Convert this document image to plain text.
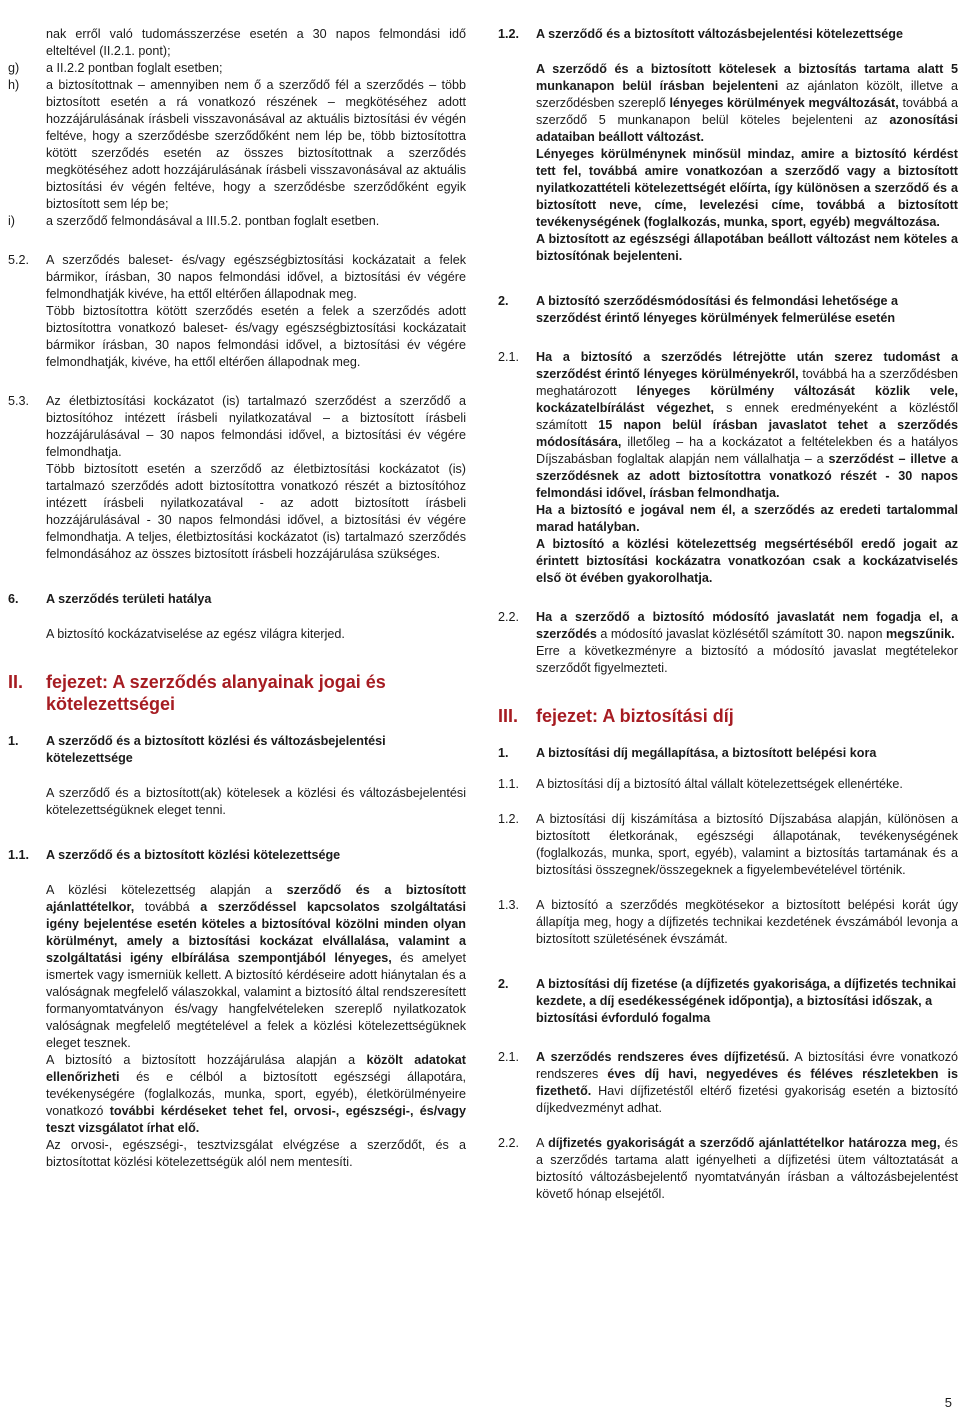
nak erről való tudomásszerzése esetén a 30 napos felmondási idő elteltével (II.2.1. pont);
g)	a II.2.2 pontban foglalt esetben;
h)	a biztosítottnak – amennyiben nem ő a szerződő fél a szerződés – több biztosított esetén a rá vonatkozó részének – megkötéséhez adott hozzájárulásának írásbeli visszavonásával az aktuális biztosítási év végén feltéve, hogy a szerződésbe szerződőként nem lép be, több biztosítottra kötött szerződés esetén az összes biztosítottnak a szerződés megkötéséhez adott hozzájárulásának írásbeli visszavonásával az aktuális biztosítási év végén feltéve, hogy a szerződésbe szerződőként egyik biztosított sem lép be;
i)	a szerződő felmondásával a III.5.2. pontban foglalt esetben.
5.2.	A szerződés baleset- és/vagy egészségbiztosítási kockázatait a felek bármikor, írásban, 30 napos felmondási idővel, a biztosítási év végére felmondhatják kivéve, ha ettől eltérően állapodnak meg.

Több biztosítottra kötött szerződés esetén a felek a szerződés adott biztosítottra vonatkozó baleset- és/vagy egészségbiztosítási kockázatait bármikor írásban, 30 napos felmondási idővel, a biztosítási év végére felmondhatják, kivéve, ha ettől eltérően állapodnak meg.

5.3.	Az életbiztosítási kockázatot (is) tartalmazó szerződést a szerződő a biztosítóhoz intézett írásbeli nyilatkozatával – a biztosított írásbeli hozzájárulásával – 30 napos felmondási idővel, a biztosítási év végére felmondhatja.

Több biztosított esetén a szerződő az életbiztosítási kockázatot (is) tartalmazó szerződés adott biztosítottra vonatkozó részét a biztosítóhoz intézett írásbeli nyilatkozatával - az adott biztosított írásbeli hozzájárulásával - 30 napos felmondási idővel, a biztosítási év végére felmondhatja. A teljes, életbiztosítási kockázatot (is) tartalmazó szerződés felmondásához az összes biztosított írásbeli hozzájárulása szükséges.

6.	A szerződés területi hatálya
A biztosító kockázatviselése az egész világra kiterjed.
II.	fejezet: A szerződés alanyainak jogai és kötelezettségei
1.	A szerződő és a biztosított közlési és változásbejelentési kötelezettsége
A szerződő és a biztosított(ak) kötelesek a közlési és változásbejelentési kötelezettségüknek eleget tenni.
1.1.	A szerződő és a biztosított közlési kötelezettsége

A közlési kötelezettség alapján a szerződő és a biztosított ajánlattételkor, továbbá a szerződéssel kapcsolatos szolgáltatási igény bejelentése esetén köteles a biztosítóval közölni minden olyan körülményt, amely a biztosítási kockázat elvállalása, valamint a szolgáltatási igény elbírálása szempontjából lényeges, és amelyet ismertek vagy ismerniük kellett. A biztosító kérdéseire adott hiánytalan és a valóságnak megfelelő válaszokkal, valamint a biztosító által rendszeresített formanyomtatványon és/vagy hangfelvételeken szereplő nyilatkozatok valóságnak megfelelő megtételével a felek a közlési kötelezettségüknek eleget tesznek.

A biztosító a biztosított hozzájárulása alapján a közölt adatokat ellenőrizheti és e célból a biztosított egészségi állapotára, tevékenységére (foglalkozás, munka, sport, egyéb), életkörülményeire vonatkozó további kérdéseket tehet fel, orvosi-, egészségi-, és/vagy teszt vizsgálatot írhat elő.

Az orvosi-, egészségi-, tesztvizsgálat elvégzése a szerződőt, és a biztosítottat közlési kötelezettségük alól nem mentesíti.

1.2.	A szerződő és a biztosított változásbejelentési kötelezettsége

A szerződő és a biztosított kötelesek a biztosítás tartama alatt 5 munkanapon belül írásban bejelenteni az ajánlaton közölt, illetve a szerződésben szereplő lényeges körülmények megváltozását, továbbá a szerződő 5 munkanapon belül köteles bejelenteni az azonosítási adataiban beállott változást.

Lényeges körülménynek minősül mindaz, amire a biztosító kérdést tett fel, továbbá amire vonatkozóan a szerződő vagy a biztosított nyilatkozattételi kötelezettségét előírta, így különösen a szerződő és a biztosított neve, címe, levelezési címe, továbbá a biztosított tevékenységének (foglalkozás, munka, sport, egyéb) megváltozása.

A biztosított az egészségi állapotában beállott változást nem köteles a biztosítónak bejelenteni.

2.	A biztosító szerződésmódosítási és felmondási lehetősége a szerződést érintő lényeges körülmények felmerülése esetén
2.1.	Ha a biztosító a szerződés létrejötte után szerez tudomást a szerződést érintő lényeges körülményekről, továbbá ha a szerződésben meghatározott lényeges körülmény változását közlik vele, kockázatelbírálást végezhet, s ennek eredményeként a közléstől számított 15 napon belül írásban javaslatot tehet a szerződés módosítására, illetőleg – ha a kockázatot a feltételekben és a hatályos Díjszabásban foglaltak alapján nem vállalhatja – a szerződést – illetve a szerződésnek az adott biztosítottra vonatkozó részét - 30 napos felmondási idővel, írásban felmondhatja.

Ha a biztosító e jogával nem él, a szerződés az eredeti tartalommal marad hatályban.

A biztosító a közlési kötelezettség megsértéséből eredő jogait az érintett biztosítási kockázatra vonatkozóan csak a kockázatviselés első öt évében gyakorolhatja.

2.2.	Ha a szerződő a biztosító módosító javaslatát nem fogadja el, a szerződés a módosító javaslat közlésétől számított 30. napon megszűnik.

Erre a következményre a biztosító a módosító javaslat megtételekor szerződőt figyelmezteti.

III. fejezet: A biztosítási díj
1.	A biztosítási díj megállapítása, a biztosított belépési kora
1.1.	A biztosítási díj a biztosító által vállalt kötelezettségek ellenértéke.
1.2.	A biztosítási díj kiszámítása a biztosító Díjszabása alapján, különösen a biztosított életkorának, egészségi állapotának, tevékenységének (foglalkozás, munka, sport, egyéb), valamint a biztosítás tartamának és a biztosítási összegnek/összegeknek a figyelembevételével történik.
1.3.	A biztosító a szerződés megkötésekor a biztosított belépési korát úgy állapítja meg, hogy a díjfizetés technikai kezdetének évszámából levonja a biztosított születésének évszámát.
2.	A biztosítási díj fizetése (a díjfizetés gyakorisága, a díjfizetés technikai kezdete, a díj esedékességének időpontja), a biztosítási időszak, a biztosítási évforduló fogalma
2.1.	A szerződés rendszeres éves díjfizetésű. A biztosítási évre vonatkozó rendszeres éves díj havi, negyedéves és féléves részletekben is fizethető. Havi díjfizetéstől eltérő fizetési gyakoriság esetén a biztosító díjkedvezményt adhat.
2.2.	A díjfizetés gyakoriságát a szerződő ajánlattételkor határozza meg, és a szerződés tartama alatt igényelheti a díjfizetési ütem változtatását a biztosító változásbejelentő nyomtatványán írásban a változásbejelentést követő hónap elsejétől.
5
